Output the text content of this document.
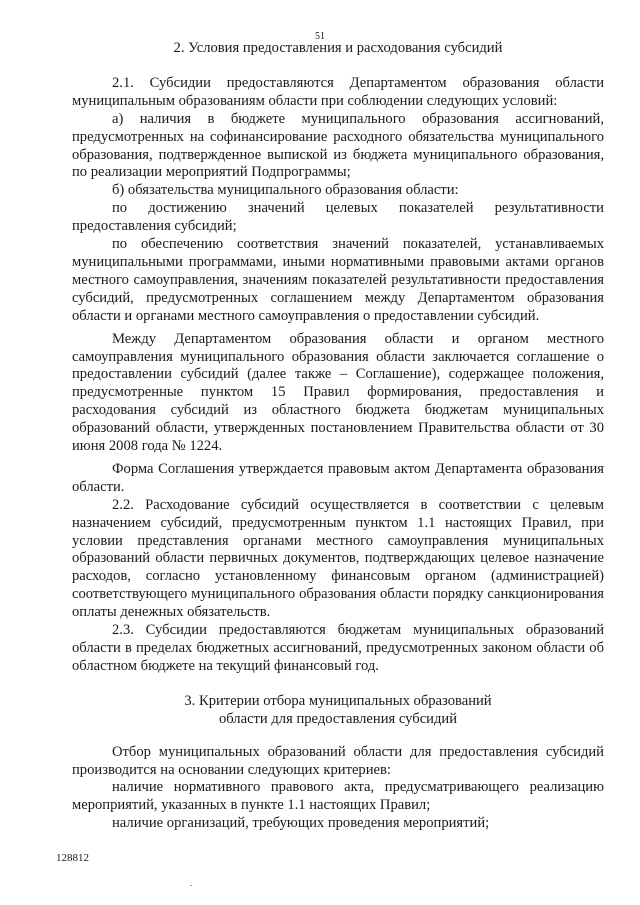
51

2. Условия предоставления и расходования субсидий

2.1. Субсидии предоставляются Департаментом образования области муниципальным образованиям области при соблюдении следующих условий:

а) наличия в бюджете муниципального образования ассигнований, предусмотренных на софинансирование расходного обязательства муниципального образования, подтвержденное выпиской из бюджета муниципального образования, по реализации мероприятий Подпрограммы;

б) обязательства муниципального образования области:

по достижению значений целевых показателей результативности предоставления субсидий;

по обеспечению соответствия значений показателей, устанавливаемых муниципальными программами, иными нормативными правовыми актами органов местного самоуправления, значениям показателей результативности предоставления субсидий, предусмотренных соглашением между Департаментом образования области и органами местного самоуправления о предоставлении субсидий.

Между Департаментом образования области и органом местного самоуправления муниципального образования области заключается соглашение о предоставлении субсидий (далее также – Соглашение), содержащее положения, предусмотренные пунктом 15 Правил формирования, предоставления и расходования субсидий из областного бюджета бюджетам муниципальных образований области, утвержденных постановлением Правительства области от 30 июня 2008 года № 1224.

Форма Соглашения утверждается правовым актом Департамента образования области.

2.2. Расходование субсидий осуществляется в соответствии с целевым назначением субсидий, предусмотренным пунктом 1.1 настоящих Правил, при условии представления органами местного самоуправления муниципальных образований области первичных документов, подтверждающих целевое назначение расходов, согласно установленному финансовым органом (администрацией) соответствующего муниципального образования области порядку санкционирования оплаты денежных обязательств.

2.3. Субсидии предоставляются бюджетам муниципальных образований области в пределах бюджетных ассигнований, предусмотренных законом области об областном бюджете на текущий финансовый год.

3. Критерии отбора муниципальных образований
области для предоставления субсидий

Отбор муниципальных образований области для предоставления субсидий производится на основании следующих критериев:

наличие нормативного правового акта, предусматривающего реализацию мероприятий, указанных в пункте 1.1 настоящих Правил;

наличие организаций, требующих проведения мероприятий;

128812
